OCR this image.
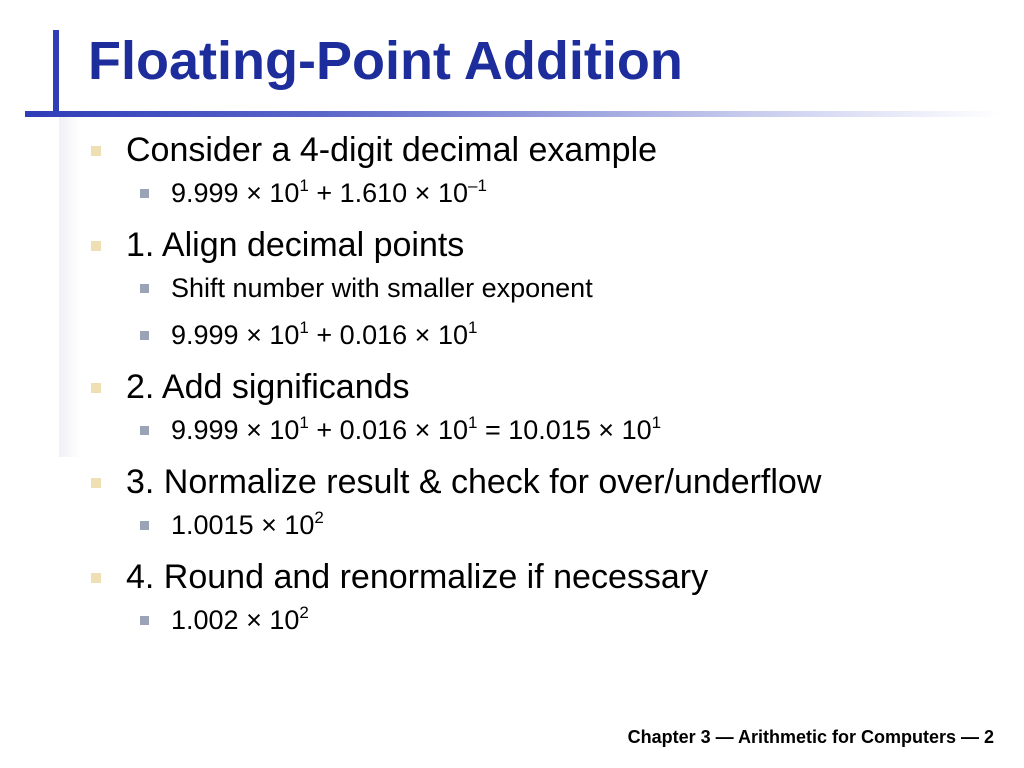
Floating-Point Addition
Consider a 4-digit decimal example
$9.999 \times 10^1 + 1.610 \times 10^{-1}$
1. Align decimal points
Shift number with smaller exponent
$9.999 \times 10^1 + 0.016 \times 10^1$
2. Add significands
$9.999 \times 10^1 + 0.016 \times 10^1 = 10.015 \times 10^1$
3. Normalize result & check for over/underflow
$1.0015 \times 10^2$
4. Round and renormalize if necessary
$1.002 \times 10^2$
Chapter 3 — Arithmetic for Computers — 2
